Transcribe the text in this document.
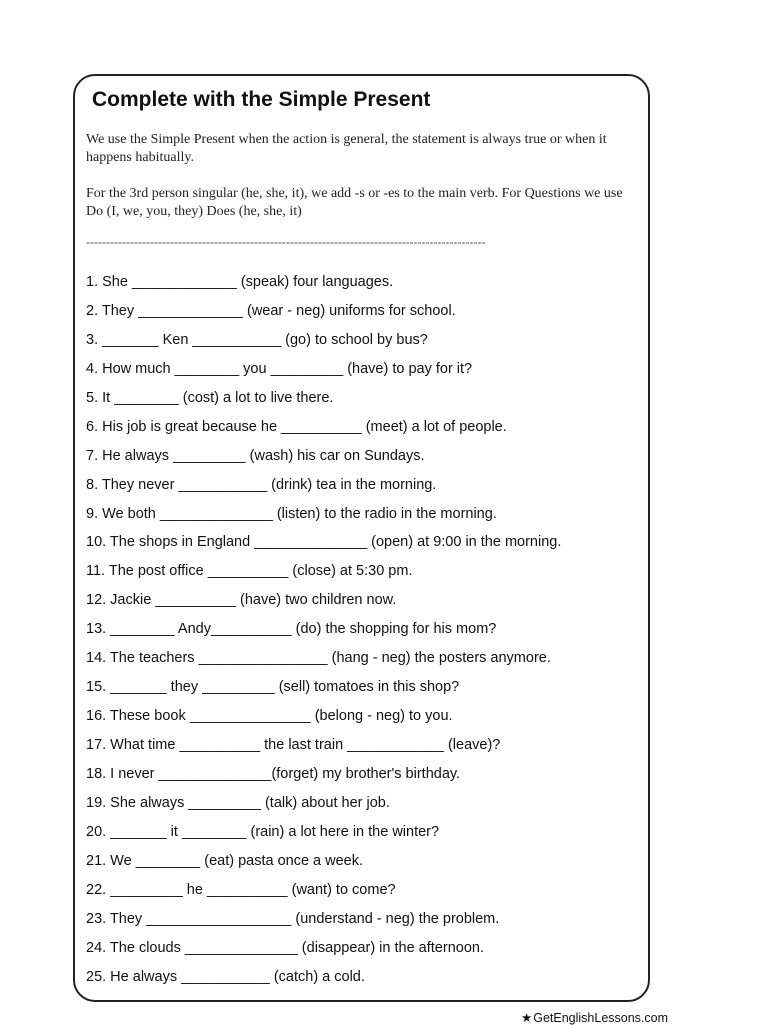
Complete with the Simple Present

We use the Simple Present when the action is general, the statement is always true or when it happens habitually.

For the 3rd person singular (he, she, it), we add -s or -es to the main verb. For Questions we use Do (I, we, you, they) Does (he, she, it)

----------------------------------------------------------------------------------------------------
1. She _____________ (speak) four languages.
2. They _____________ (wear - neg) uniforms for school.
3. _______ Ken ___________ (go) to school by bus?
4. How much ________ you _________ (have) to pay for it?
5. It ________ (cost) a lot to live there.
6. His job is great because he __________ (meet) a lot of people.
7. He always _________ (wash) his car on Sundays.
8. They never ___________ (drink) tea in the morning.
9. We both ______________ (listen) to the radio in the morning.
10. The shops in England ______________ (open) at 9:00 in the morning.
11. The post office __________ (close) at 5:30 pm.
12. Jackie __________ (have) two children now.
13. ________ Andy__________ (do) the shopping for his mom?
14. The teachers ________________ (hang - neg) the posters anymore.
15. _______ they _________ (sell) tomatoes in this shop?
16. These book _______________ (belong - neg) to you.
17. What time __________ the last train ____________ (leave)?
18. I never ______________(forget) my brother's birthday.
19. She always _________ (talk) about her job.
20. _______ it ________ (rain) a lot here in the winter?
21. We ________ (eat) pasta once a week.
22. _________ he __________ (want) to come?
23. They __________________ (understand - neg) the problem.
24. The clouds ______________ (disappear) in the afternoon.
25. He always ___________ (catch) a cold.
★GetEnglishLessons.com
